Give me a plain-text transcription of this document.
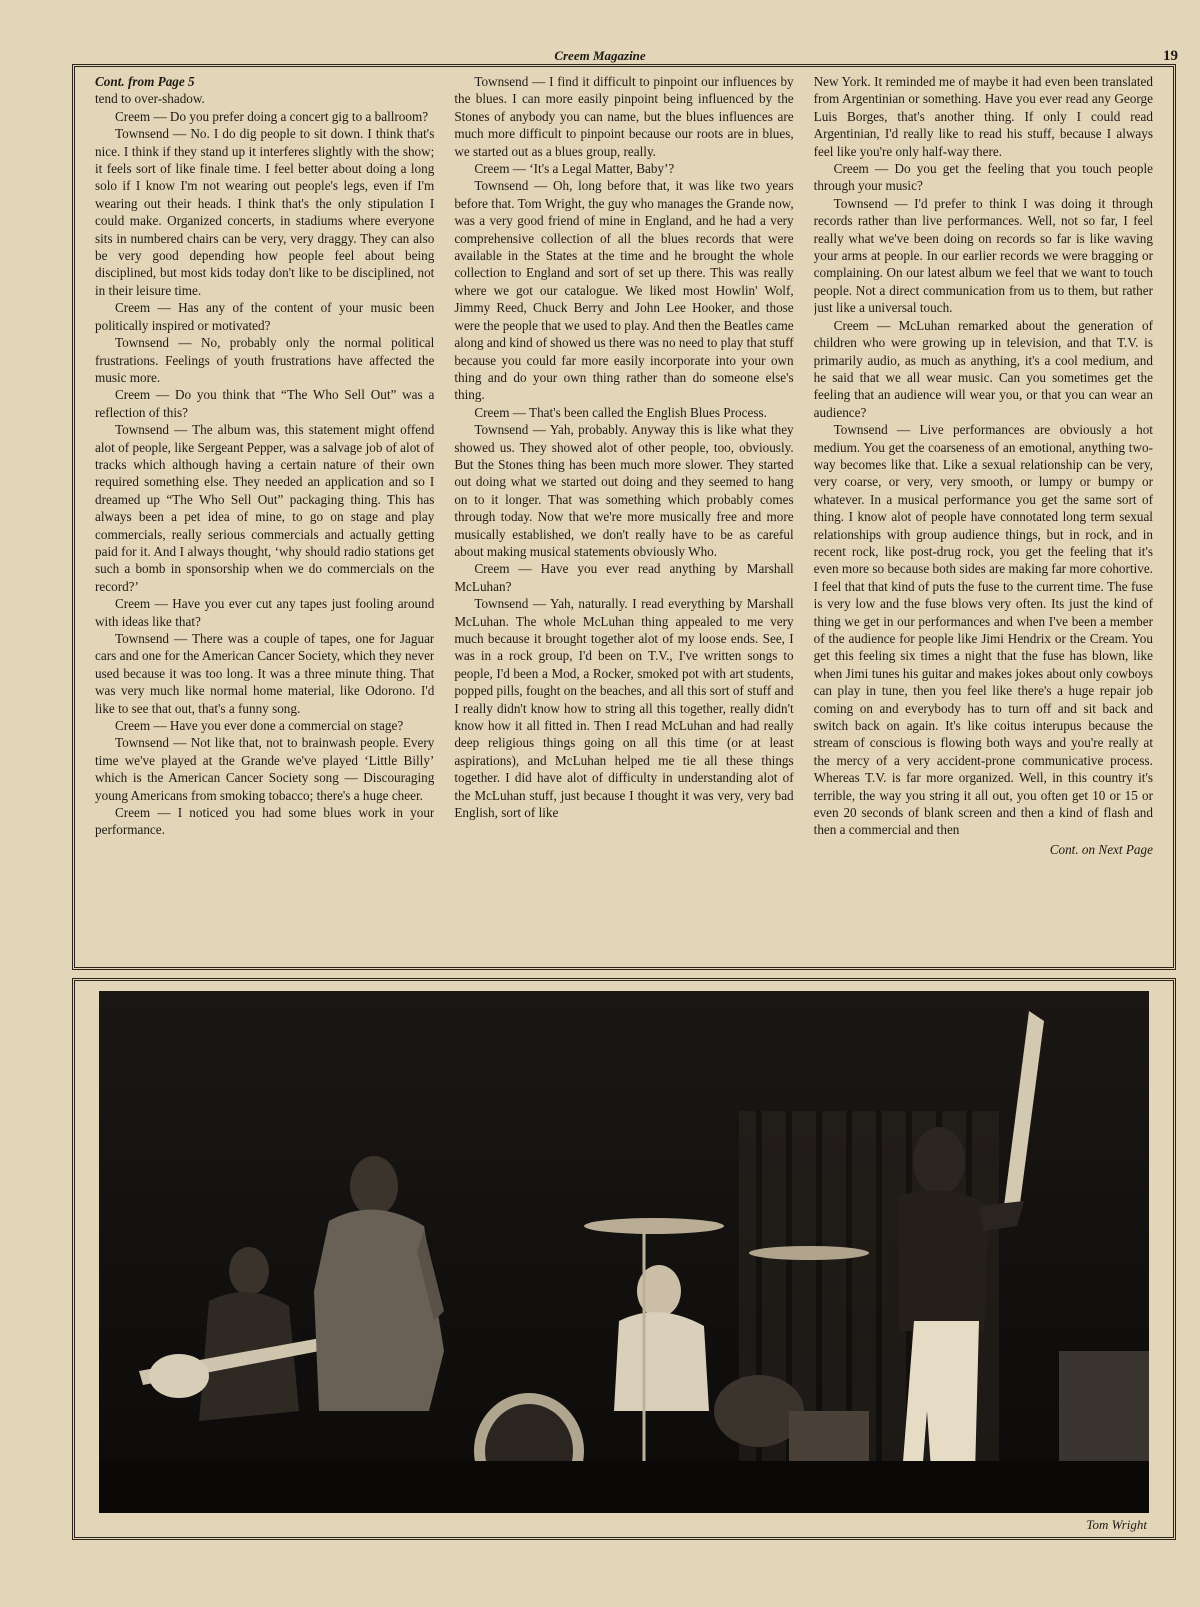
Creem Magazine	19

Cont. from Page 5

tend to over-shadow.

Creem — Do you prefer doing a concert gig to a ballroom?

Townsend — No. I do dig people to sit down. I think that's nice. I think if they stand up it interferes slightly with the show; it feels sort of like finale time. I feel better about doing a long solo if I know I'm not wearing out people's legs, even if I'm wearing out their heads. I think that's the only stipulation I could make. Organized concerts, in stadiums where everyone sits in numbered chairs can be very, very draggy. They can also be very good depending how people feel about being disciplined, but most kids today don't like to be disciplined, not in their leisure time.

Creem — Has any of the content of your music been politically inspired or motivated?

Townsend — No, probably only the normal political frustrations. Feelings of youth frustrations have affected the music more.

Creem — Do you think that “The Who Sell Out” was a reflection of this?

Townsend — The album was, this statement might offend alot of people, like Sergeant Pepper, was a salvage job of alot of tracks which although having a certain nature of their own required something else. They needed an application and so I dreamed up “The Who Sell Out” packaging thing. This has always been a pet idea of mine, to go on stage and play commercials, really serious commercials and actually getting paid for it. And I always thought, ‘why should radio stations get such a bomb in sponsorship when we do commercials on the record?’

Creem — Have you ever cut any tapes just fooling around with ideas like that?

Townsend — There was a couple of tapes, one for Jaguar cars and one for the American Cancer Society, which they never used because it was too long. It was a three minute thing. That was very much like normal home material, like Odorono. I'd like to see that out, that's a funny song.

Creem — Have you ever done a commercial on stage?

Townsend — Not like that, not to brainwash people. Every time we've played at the Grande we've played ‘Little Billy’ which is the American Cancer Society song — Discouraging young Americans from smoking tobacco; there's a huge cheer.

Creem — I noticed you had some blues work in your performance.

Townsend — I find it difficult to pinpoint our influences by the blues. I can more easily pinpoint being influenced by the Stones of anybody you can name, but the blues influences are much more difficult to pinpoint because our roots are in blues, we started out as a blues group, really.

Creem — ‘It's a Legal Matter, Baby’?

Townsend — Oh, long before that, it was like two years before that. Tom Wright, the guy who manages the Grande now, was a very good friend of mine in England, and he had a very comprehensive collection of all the blues records that were available in the States at the time and he brought the whole collection to England and sort of set up there. This was really where we got our catalogue. We liked most Howlin' Wolf, Jimmy Reed, Chuck Berry and John Lee Hooker, and those were the people that we used to play. And then the Beatles came along and kind of showed us there was no need to play that stuff because you could far more easily incorporate into your own thing and do your own thing rather than do someone else's thing.

Creem — That's been called the English Blues Process.

Townsend — Yah, probably. Anyway this is like what they showed us. They showed alot of other people, too, obviously. But the Stones thing has been much more slower. They started out doing what we started out doing and they seemed to hang on to it longer. That was something which probably comes through today. Now that we're more musically free and more musically established, we don't really have to be as careful about making musical statements obviously Who.

Creem — Have you ever read anything by Marshall McLuhan?

Townsend — Yah, naturally. I read everything by Marshall McLuhan. The whole McLuhan thing appealed to me very much because it brought together alot of my loose ends. See, I was in a rock group, I'd been on T.V., I've written songs to people, I'd been a Mod, a Rocker, smoked pot with art students, popped pills, fought on the beaches, and all this sort of stuff and I really didn't know how to string all this together, really didn't know how it all fitted in. Then I read McLuhan and had really deep religious things going on all this time (or at least aspirations), and McLuhan helped me tie all these things together. I did have alot of difficulty in understanding alot of the McLuhan stuff, just because I thought it was very, very bad English, sort of like

New York. It reminded me of maybe it had even been translated from Argentinian or something. Have you ever read any George Luis Borges, that's another thing. If only I could read Argentinian, I'd really like to read his stuff, because I always feel like you're only half-way there.

Creem — Do you get the feeling that you touch people through your music?

Townsend — I'd prefer to think I was doing it through records rather than live performances. Well, not so far, I feel really what we've been doing on records so far is like waving your arms at people. In our earlier records we were bragging or complaining. On our latest album we feel that we want to touch people. Not a direct communication from us to them, but rather just like a universal touch.

Creem — McLuhan remarked about the generation of children who were growing up in television, and that T.V. is primarily audio, as much as anything, it's a cool medium, and he said that we all wear music. Can you sometimes get the feeling that an audience will wear you, or that you can wear an audience?

Townsend — Live performances are obviously a hot medium. You get the coarseness of an emotional, anything two-way becomes like that. Like a sexual relationship can be very, very coarse, or very, very smooth, or lumpy or bumpy or whatever. In a musical performance you get the same sort of thing. I know alot of people have connotated long term sexual relationships with group audience things, but in rock, and in recent rock, like post-drug rock, you get the feeling that it's even more so because both sides are making far more cohortive. I feel that that kind of puts the fuse to the current time. The fuse is very low and the fuse blows very often. Its just the kind of thing we get in our performances and when I've been a member of the audience for people like Jimi Hendrix or the Cream. You get this feeling six times a night that the fuse has blown, like when Jimi tunes his guitar and makes jokes about only cowboys can play in tune, then you feel like there's a huge repair job coming on and everybody has to turn off and sit back and switch back on again. It's like coitus interupus because the stream of conscious is flowing both ways and you're really at the mercy of a very accident-prone communicative process. Whereas T.V. is far more organized. Well, in this country it's terrible, the way you string it all out, you often get 10 or 15 or even 20 seconds of blank screen and then a kind of flash and then a commercial and then

Cont. on Next Page
Tom Wright
